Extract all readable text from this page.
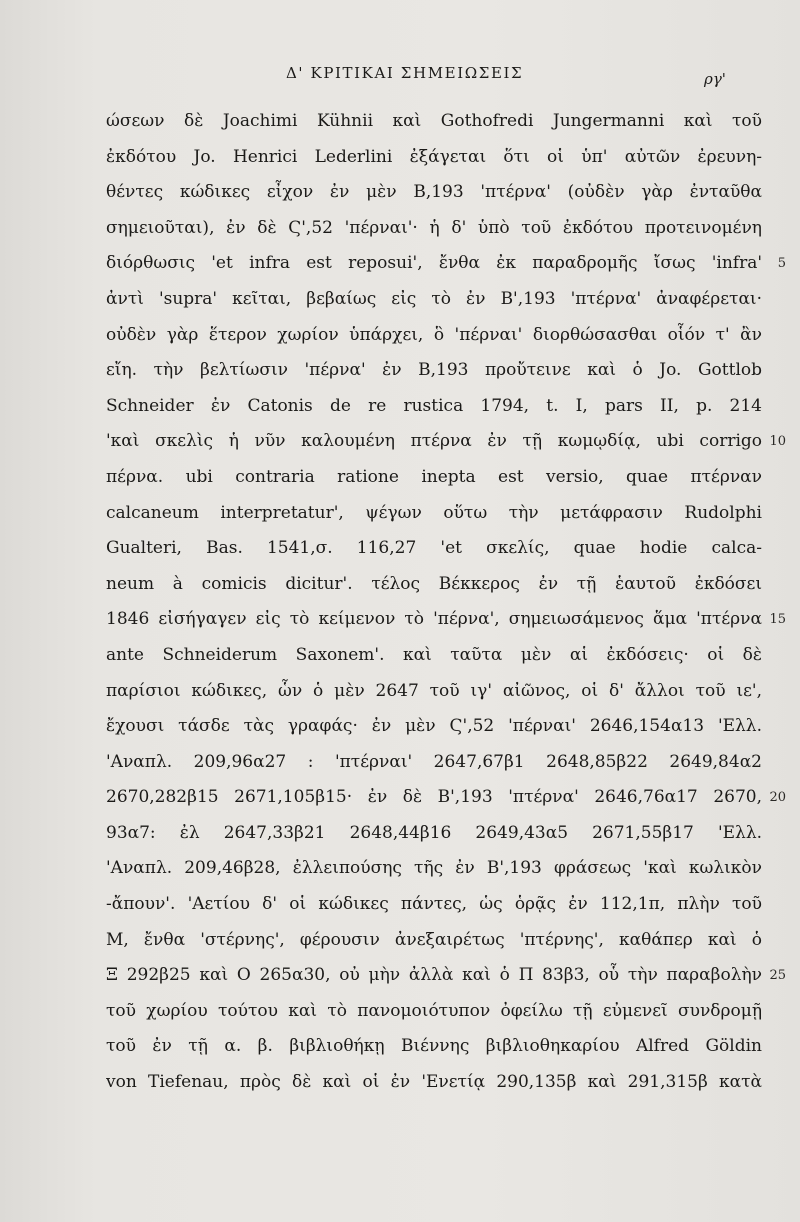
Δ' ΚΡΙΤΙΚΑΙ ΣΗΜΕΙΩΣΕΙΣ	ργ'
ώσεων δὲ Joachimi Kühnii καὶ Gothofredi Jungermanni καὶ τοῦ
ἐκδότου Jo. Henrici Lederlini ἐξάγεται ὅτι οἱ ὑπ' αὐτῶν ἐρευνη-
θέντες κώδικες εἶχον ἐν μὲν Β,193 'πτέρνα' (οὐδὲν γὰρ ἐνταῦθα
σημειοῦται), ἐν δὲ Ϛ',52 'πέρναι'· ἡ δ' ὑπὸ τοῦ ἐκδότου προτεινομένη
διόρθωσις 'et infra est reposui', ἔνθα ἐκ παραδρομῆς ἴσως 'infra' 5
ἀντὶ 'supra' κεῖται, βεβαίως εἰς τὸ ἐν Β',193 'πτέρνα' ἀναφέρεται·
οὐδὲν γὰρ ἕτερον χωρίον ὑπάρχει, ὃ 'πέρναι' διορθώσασθαι οἷόν τ' ἂν
εἴη. τὴν βελτίωσιν 'πέρνα' ἐν Β,193 προὔτεινε καὶ ὁ Jo. Gottlob
Schneider ἐν Catonis de re rustica 1794, t. I, pars II, p. 214
'καὶ σκελὶς ἡ νῦν καλουμένη πτέρνα ἐν τῇ κωμῳδίᾳ, ubi corrigo 10
πέρνα. ubi contraria ratione inepta est versio, quae πτέρναν
calcaneum interpretatur', ψέγων οὕτω τὴν μετάφρασιν Rudolphi
Gualteri, Bas. 1541,σ. 116,27 'et σκελίς, quae hodie calca-
neum à comicis dicitur'. τέλος Βέκκερος ἐν τῇ ἑαυτοῦ ἐκδόσει
1846 εἰσήγαγεν εἰς τὸ κείμενον τὸ 'πέρνα', σημειωσάμενος ἅμα 'πτέρνα 15
ante Schneiderum Saxonem'. καὶ ταῦτα μὲν αἱ ἐκδόσεις· οἱ δὲ
παρίσιοι κώδικες, ὧν ὁ μὲν 2647 τοῦ ιγ' αἰῶνος, οἱ δ' ἄλλοι τοῦ ιε',
ἔχουσι τάσδε τὰς γραφάς· ἐν μὲν Ϛ',52 'πέρναι' 2646,154α13 'Ελλ.
'Αναπλ. 209,96α27 : 'πτέρναι' 2647,67β1 2648,85β22 2649,84α2
2670,282β15 2671,105β15· ἐν δὲ Β',193 'πτέρνα' 2646,76α17 2670, 20
93α7: ἐλ 2647,33β21 2648,44β16 2649,43α5 2671,55β17 'Ελλ.
'Αναπλ. 209,46β28, ἐλλειπούσης τῆς ἐν Β',193 φράσεως 'καὶ κωλικὸν
-ἄπουν'. 'Αετίου δ' οἱ κώδικες πάντες, ὡς ὁρᾷς ἐν 112,1π, πλὴν τοῦ
Μ, ἔνθα 'στέρνης', φέρουσιν ἀνεξαιρέτως 'πτέρνης', καθάπερ καὶ ὁ
Ξ 292β25 καὶ Ο 265α30, οὐ μὴν ἀλλὰ καὶ ὁ Π 83β3, οὗ τὴν παραβολὴν 25
τοῦ χωρίου τούτου καὶ τὸ πανομοιότυπον ὀφείλω τῇ εὐμενεῖ συνδρομῇ
τοῦ ἐν τῇ α. β. βιβλιοθήκῃ Βιέννης βιβλιοθηκαρίου Alfred Göldin
von Tiefenau, πρὸς δὲ καὶ οἱ ἐν 'Ενετίᾳ 290,135β καὶ 291,315β κατὰ
